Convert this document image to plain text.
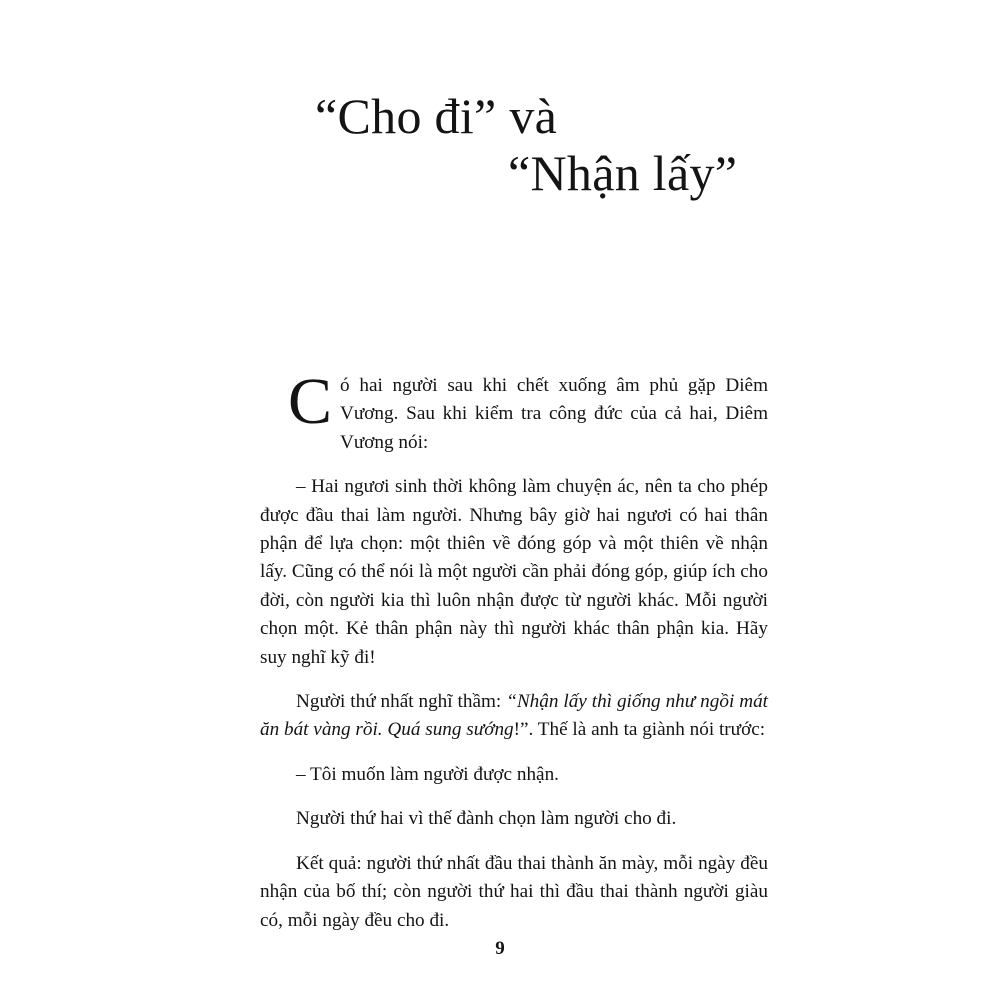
“Cho đi” và
“Nhận lấy”

Có hai người sau khi chết xuống âm phủ gặp Diêm Vương. Sau khi kiểm tra công đức của cả hai, Diêm Vương nói:

– Hai ngươi sinh thời không làm chuyện ác, nên ta cho phép được đầu thai làm người. Nhưng bây giờ hai ngươi có hai thân phận để lựa chọn: một thiên về đóng góp và một thiên về nhận lấy. Cũng có thể nói là một người cần phải đóng góp, giúp ích cho đời, còn người kia thì luôn nhận được từ người khác. Mỗi người chọn một. Kẻ thân phận này thì người khác thân phận kia. Hãy suy nghĩ kỹ đi!

Người thứ nhất nghĩ thầm: “Nhận lấy thì giống như ngồi mát ăn bát vàng rồi. Quá sung sướng!”. Thế là anh ta giành nói trước:

– Tôi muốn làm người được nhận.

Người thứ hai vì thế đành chọn làm người cho đi.

Kết quả: người thứ nhất đầu thai thành ăn mày, mỗi ngày đều nhận của bố thí; còn người thứ hai thì đầu thai thành người giàu có, mỗi ngày đều cho đi.

9
